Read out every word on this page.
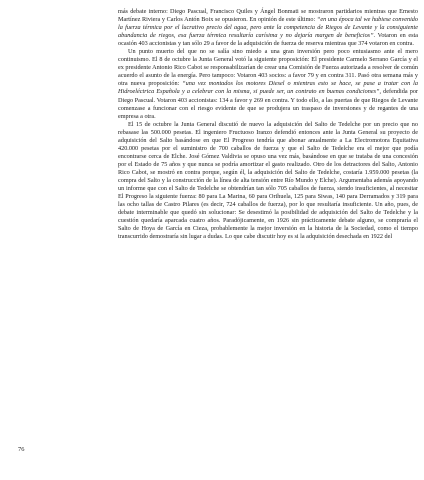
más debate interno: Diego Pascual, Francisco Quiles y Ángel Bonmati se mostraron partidarios mientras que Ernesto Martínez Riviera y Carlos Antón Boix se opusieron. En opinión de este último: “en una época tal we hubiese convenido la fuerza térmica por el lucrativo precio del agua, pero ante la competencia de Riegos de Levante y la consiguiente abundancia de riegos, esa fuerza térmica resultaría carísima y no dejaría margen de beneficios”. Votaron en esta ocasión 403 accionistas y tan sólo 29 a favor de la adquisición de fuerza de reserva mientras que 374 votaron en contra.

Un punto muerto del que no se salía sino miedo a una gran inversión pero poco entusiasmo ante el mero continuismo. El 8 de octubre la Junta General votó la siguiente proposición: El presidente Carmelo Serrano García y el ex presidente Antonio Rico Cabot se responsabilizarían de crear una Comisión de Fuerza autorizada a resolver de común acuerdo el asunto de la energía. Pero tampoco: Votaron 403 socios: a favor 79 y en contra 311. Pasó otra semana más y otra nueva proposición: “una vez montados los motores Diesel o mientras esto se hace, se pase a tratar con la Hidroeléctrica Española y a celebrar con la misma, si puede ser, un contrato en buenas condiciones”, defendida por Diego Pascual. Votaron 403 accionistas: 134 a favor y 269 en contra. Y todo ello, a las puertas de que Riegos de Levante comenzase a funcionar con el riesgo evidente de que se produjera un traspaso de inversiones y de regantes de una empresa a otra.

El 15 de octubre la Junta General discutió de nuevo la adquisición del Salto de Tedelche por un precio que no rebasase las 500.000 pesetas. El ingeniero Fructuoso Iranzo defendió entonces ante la Junta General su proyecto de adquisición del Salto basándose en que El Progreso tendría que abonar anualmente a La Electromotora Equitativa 420.000 pesetas por el suministro de 700 caballos de fuerza y que el Salto de Tedelche era el mejor que podía encontrarse cerca de Elche. José Gómez Valdivia se opuso una vez más, basándose en que se trataba de una concesión por el Estado de 75 años y que nunca se podría amortizar el gasto realizado. Otro de los detractores del Salto, Antonio Rico Cabot, se mostró en contra porque, según él, la adquisición del Salto de Tedelche, costaría 1.959.000 pesetas (la compra del Salto y la construcción de la línea de alta tensión entre Río Mundo y Elche). Argumentaba además apoyando un informe que con el Salto de Tedelche se obtendrían tan sólo 705 caballos de fuerza, siendo insuficientes, al necesitar El Progreso la siguiente fuerza: 80 para La Marina, 60 para Orihuela, 125 para Siwas, 140 para Derramados y 319 para las ocho tallas de Castro Pilares (es decir, 724 caballos de fuerza), por lo que resultaría insuficiente. Un año, pues, de debate interminable que quedó sin solucionar: Se desestimó la posibilidad de adquisición del Salto de Tedelche y la cuestión quedaría aparcada cuatro años. Paradójicamente, en 1926 sin prácticamente debate alguno, se compraría el Salto de Hoya de García en Cieza, probablemente la mejor inversión en la historia de la Sociedad, como el tiempo transcurrido demostraría sin lugar a dudas. Lo que cabe discutir hoy es si la adquisición desechada en 1922 del

76
